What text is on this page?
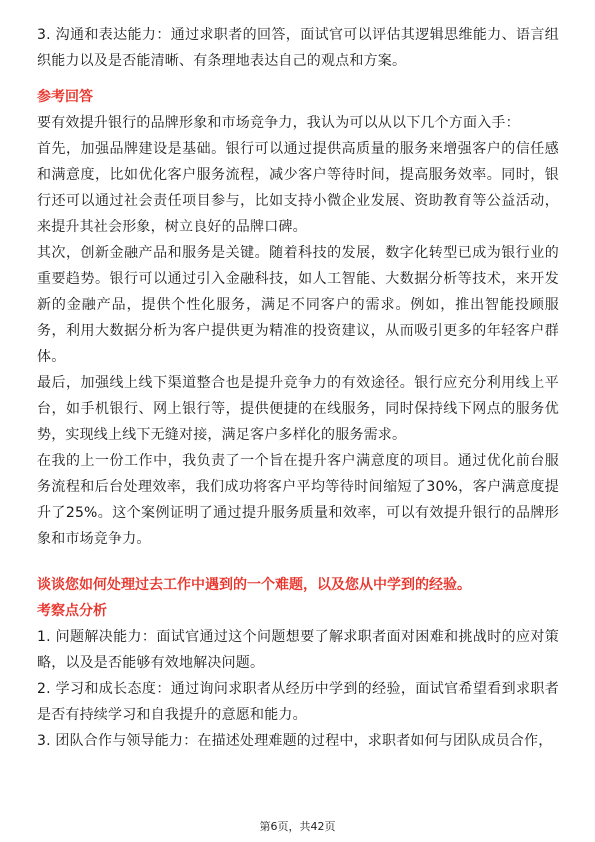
3. 沟通和表达能力：通过求职者的回答，面试官可以评估其逻辑思维能力、语言组织能力以及是否能清晰、有条理地表达自己的观点和方案。

参考回答

要有效提升银行的品牌形象和市场竞争力，我认为可以从以下几个方面入手：

首先，加强品牌建设是基础。银行可以通过提供高质量的服务来增强客户的信任感和满意度，比如优化客户服务流程，减少客户等待时间，提高服务效率。同时，银行还可以通过社会责任项目参与，比如支持小微企业发展、资助教育等公益活动，来提升其社会形象，树立良好的品牌口碑。

其次，创新金融产品和服务是关键。随着科技的发展，数字化转型已成为银行业的重要趋势。银行可以通过引入金融科技，如人工智能、大数据分析等技术，来开发新的金融产品，提供个性化服务，满足不同客户的需求。例如，推出智能投顾服务，利用大数据分析为客户提供更为精准的投资建议，从而吸引更多的年轻客户群体。

最后，加强线上线下渠道整合也是提升竞争力的有效途径。银行应充分利用线上平台，如手机银行、网上银行等，提供便捷的在线服务，同时保持线下网点的服务优势，实现线上线下无缝对接，满足客户多样化的服务需求。

在我的上一份工作中，我负责了一个旨在提升客户满意度的项目。通过优化前台服务流程和后台处理效率，我们成功将客户平均等待时间缩短了30%，客户满意度提升了25%。这个案例证明了通过提升服务质量和效率，可以有效提升银行的品牌形象和市场竞争力。

谈谈您如何处理过去工作中遇到的一个难题，以及您从中学到的经验。

考察点分析

1. 问题解决能力：面试官通过这个问题想要了解求职者面对困难和挑战时的应对策略，以及是否能够有效地解决问题。

2. 学习和成长态度：通过询问求职者从经历中学到的经验，面试官希望看到求职者是否有持续学习和自我提升的意愿和能力。

3. 团队合作与领导能力：在描述处理难题的过程中，求职者如何与团队成员合作，

第6页，共42页
